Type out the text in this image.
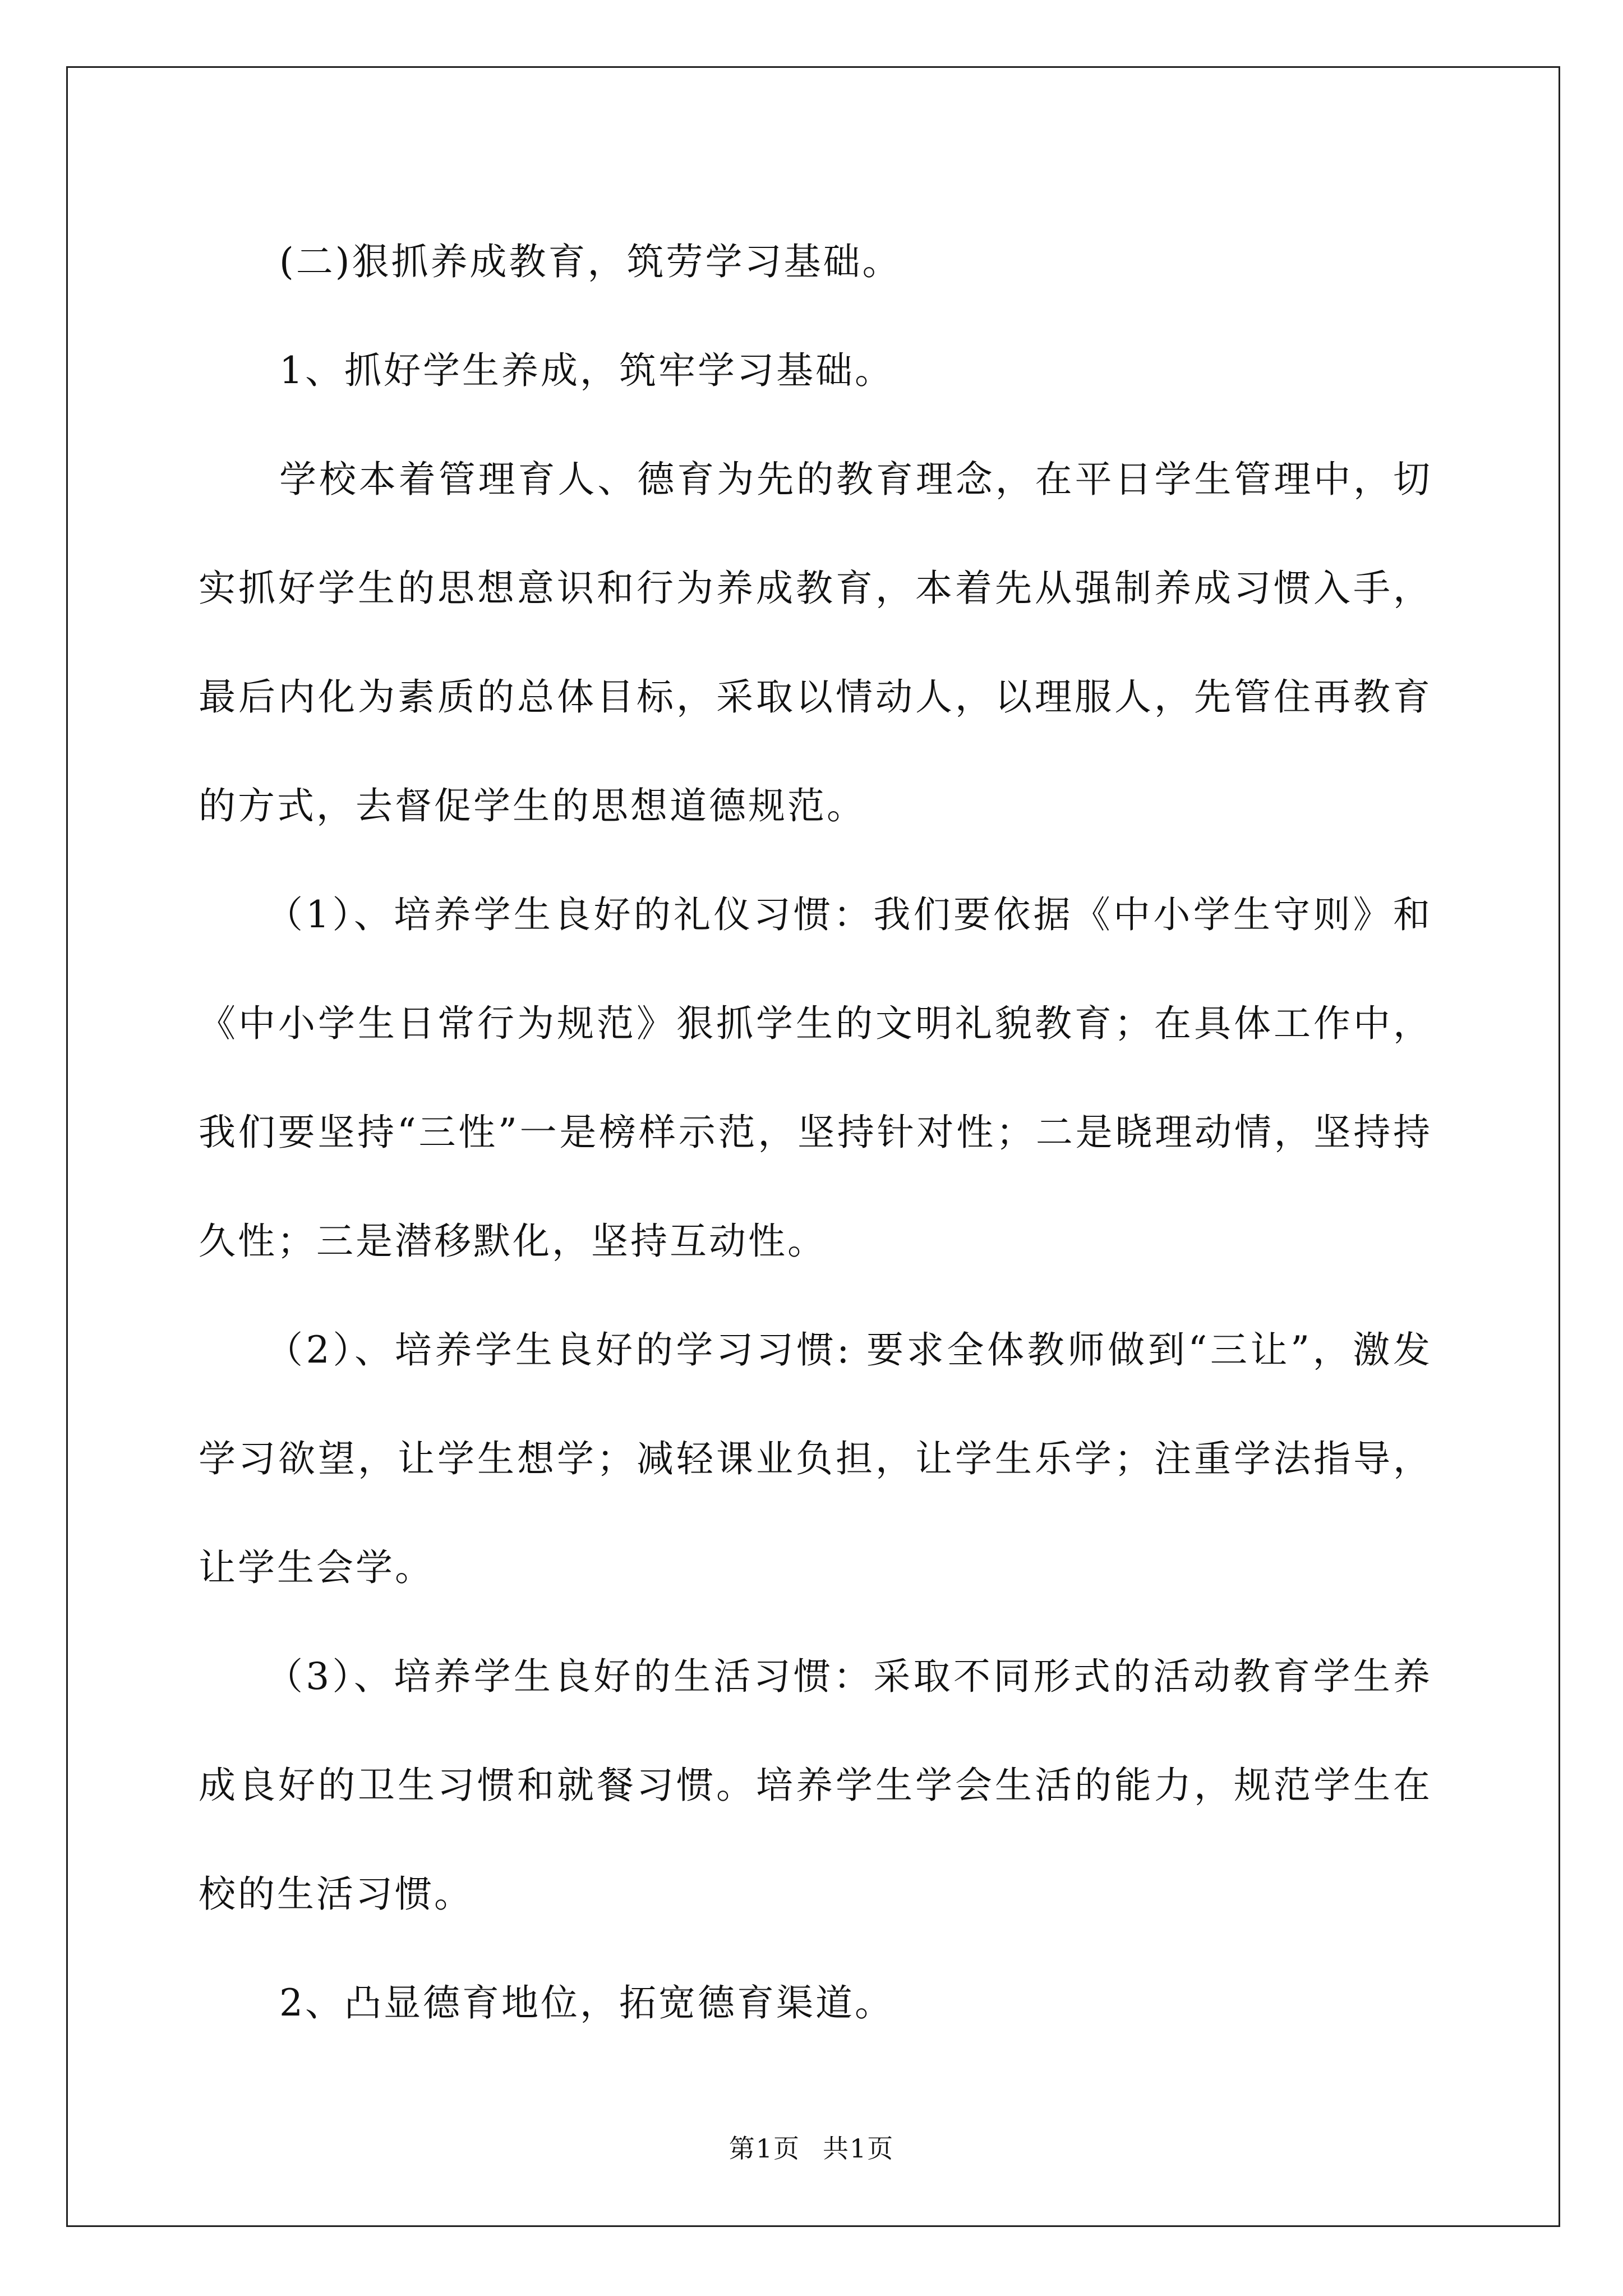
(二)狠抓养成教育，筑劳学习基础。

1、抓好学生养成，筑牢学习基础。

学校本着管理育人、德育为先的教育理念，在平日学生管理中，切实抓好学生的思想意识和行为养成教育，本着先从强制养成习惯入手，最后内化为素质的总体目标，采取以情动人，以理服人，先管住再教育的方式，去督促学生的思想道德规范。

（1）、培养学生良好的礼仪习惯：我们要依据《中小学生守则》和《中小学生日常行为规范》狠抓学生的文明礼貌教育；在具体工作中，我们要坚持“三性”一是榜样示范，坚持针对性；二是晓理动情，坚持持久性；三是潜移默化，坚持互动性。

（2）、培养学生良好的学习习惯: 要求全体教师做到“三让”，激发学习欲望，让学生想学；减轻课业负担，让学生乐学；注重学法指导，让学生会学。

（3）、培养学生良好的生活习惯：采取不同形式的活动教育学生养成良好的卫生习惯和就餐习惯。培养学生学会生活的能力，规范学生在校的生活习惯。

2、凸显德育地位，拓宽德育渠道。

第1页 共1页
